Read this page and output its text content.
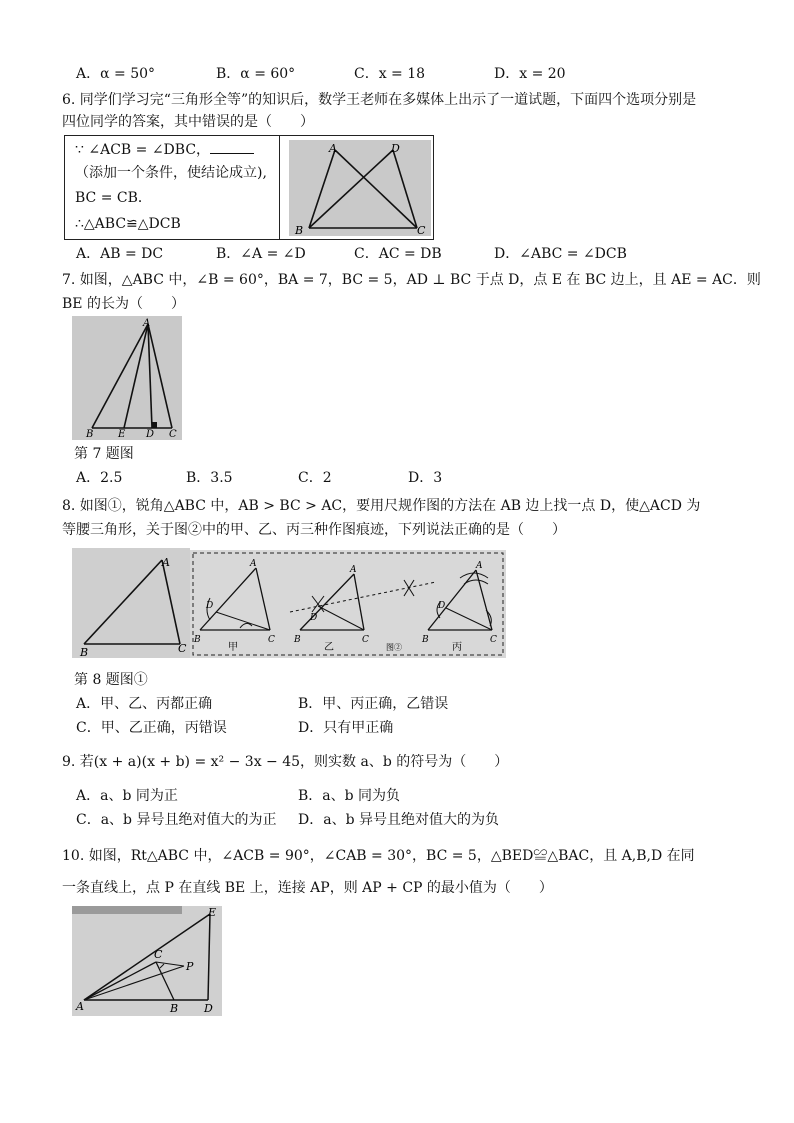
A．α = 50°	B．α = 60°	C．x = 18	D．x = 20
6. 同学们学习完“三角形全等”的知识后，数学王老师在多媒体上出示了一道试题，下面四个选项分别是
四位同学的答案，其中错误的是（　　）
∵ ∠ACB = ∠DBC，
（添加一个条件，使结论成立),
BC = CB．
∴△ABC≌△DCB
A	D
B	C
A．AB = DC	B．∠A = ∠D	C．AC = DB	D．∠ABC = ∠DCB
7. 如图，△ABC 中，∠B = 60°，BA = 7，BC = 5，AD ⊥ BC 于点 D，点 E 在 BC 边上，且 AE = AC．则
BE 的长为（　　）
A
B E D C
第 7 题图
A．2.5	B．3.5	C．2	D．3
8. 如图①，锐角△ABC 中，AB > BC > AC，要用尺规作图的方法在 AB 边上找一点 D，使△ACD 为
等腰三角形，关于图②中的甲、乙、丙三种作图痕迹，下列说法正确的是（　　）
A
B	C
A
D
B	C
甲
A
D
B	C
乙	图②
A
D
B	C
丙
第 8 题图①
A．甲、乙、丙都正确	B．甲、丙正确，乙错误
C．甲、乙正确，丙错误	D．只有甲正确
9. 若(x + a)(x + b) = x² − 3x − 45，则实数 a、b 的符号为（　　）
A．a、b 同为正	B．a、b 同为负
C．a、b 异号且绝对值大的为正 D．a、b 异号且绝对值大的为负
10. 如图，Rt△ABC 中，∠ACB = 90°，∠CAB = 30°，BC = 5，△BED≌△BAC，且 A,B,D 在同
一条直线上，点 P 在直线 BE 上，连接 AP，则 AP + CP 的最小值为（　　）
E
C
P
A	B D
